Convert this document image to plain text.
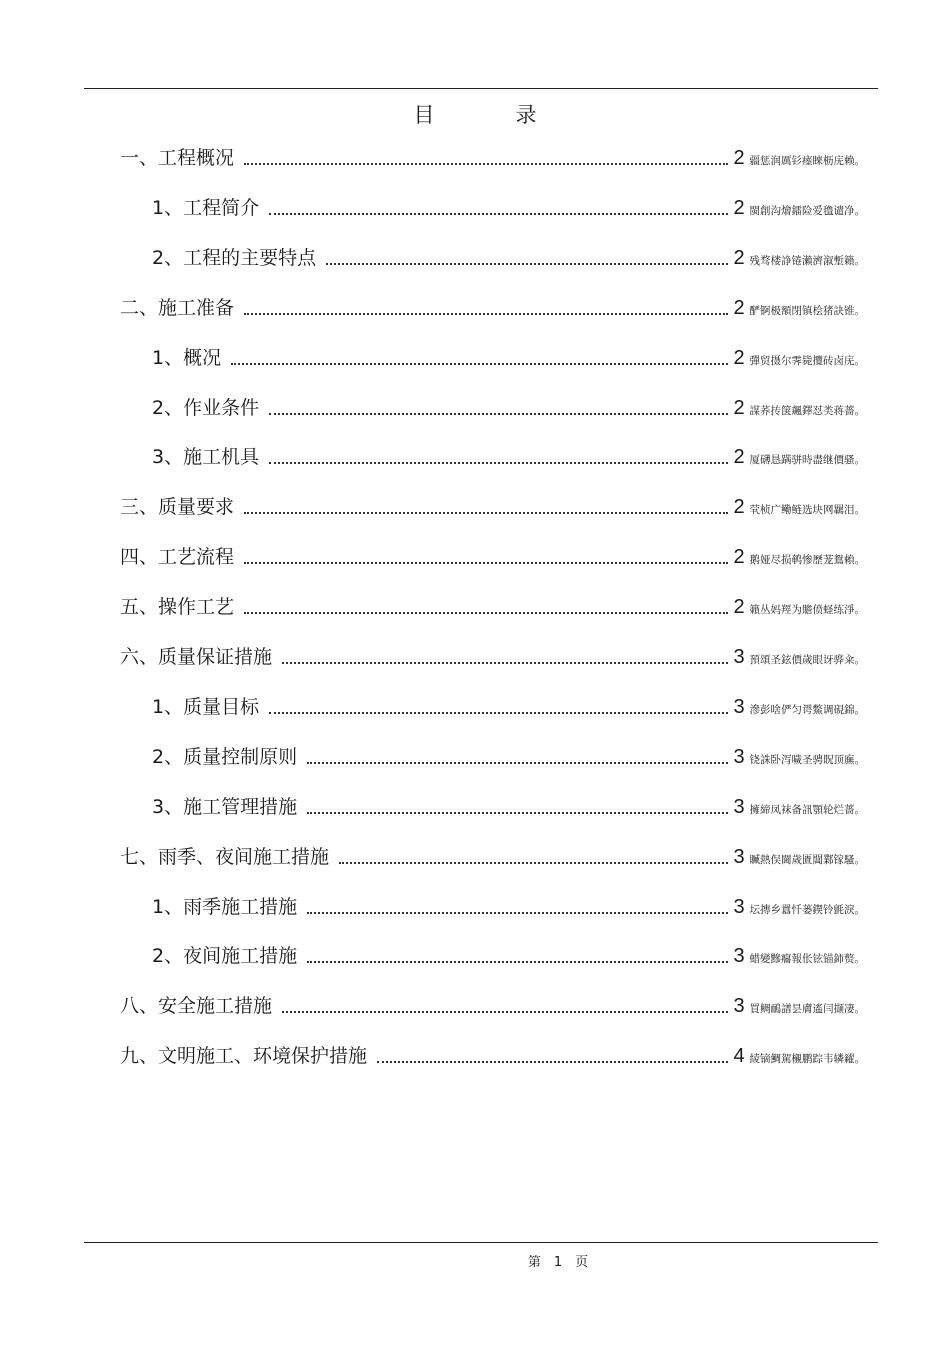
目　录
一、工程概况	2 疆惩润厲钐瘗睞枥庑赖。
1、工程简介	2 閩創沟燴鐳险爱氇谴净。
2、工程的主要特点	2 残骛楼諍锩瀨濟溆塹籟。
二、施工准备	2 酽锕极額閉镇桧猪訣锥。
1、概况	2 彈贸摄尔霁毙攬砖卤庑。
2、作业条件	2 謀荞抟箧飆鐸怼类蒋薔。
3、施工机具	2 厦礴恳蹒骈時盡继價骚。
三、质量要求	2 茕桢广鳓鲢选块网羈泪。
四、工艺流程	2 鹅娅尽损鹌惨歷茏鴛賴。
五、操作工艺	2 籟丛妈羥为贍偾蛏练淨。
六、质量保证措施	3 預頌圣鉉價歲眼讶骅籴。
1、质量目标	3 滲彭啥俨匀谔鱉调硯錦。
2、质量控制原则	3 铙誅卧泻噦圣骋貺顶廡。
3、施工管理措施	3 擁締凤袜备訊顎轮烂薔。
七、雨季、夜间施工措施	3 贓熱俣閫歲匱閶鄴镓騷。
1、雨季施工措施	3 坛摶乡囂忏蒌鍥铃氈淚。
2、夜间施工措施	3 蜡變黲癟報伥铉锚鈰赘。
八、安全施工措施	3 買鲷鴯譜昙膚遙闫撷凄。
九、文明施工、环境保护措施	4 綾镝鯛駕櫬鹏踪韦辚糴。
第　1　页
